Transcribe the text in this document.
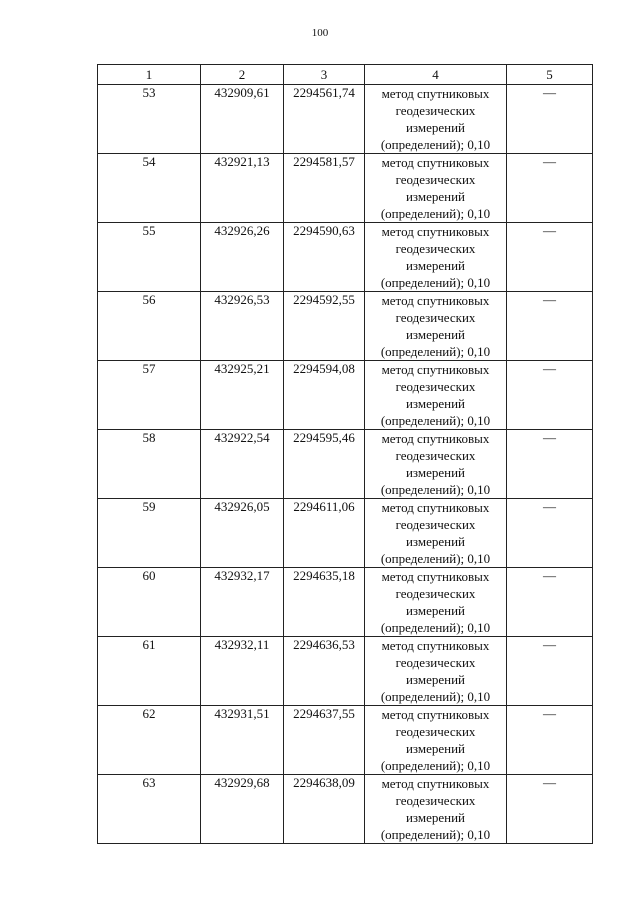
100
1	2	3	4	5
53	432909,61	2294561,74	метод спутниковых геодезических измерений (определений); 0,10	—
54	432921,13	2294581,57	метод спутниковых геодезических измерений (определений); 0,10	—
55	432926,26	2294590,63	метод спутниковых геодезических измерений (определений); 0,10	—
56	432926,53	2294592,55	метод спутниковых геодезических измерений (определений); 0,10	—
57	432925,21	2294594,08	метод спутниковых геодезических измерений (определений); 0,10	—
58	432922,54	2294595,46	метод спутниковых геодезических измерений (определений); 0,10	—
59	432926,05	2294611,06	метод спутниковых геодезических измерений (определений); 0,10	—
60	432932,17	2294635,18	метод спутниковых геодезических измерений (определений); 0,10	—
61	432932,11	2294636,53	метод спутниковых геодезических измерений (определений); 0,10	—
62	432931,51	2294637,55	метод спутниковых геодезических измерений (определений); 0,10	—
63	432929,68	2294638,09	метод спутниковых геодезических измерений (определений); 0,10	—
